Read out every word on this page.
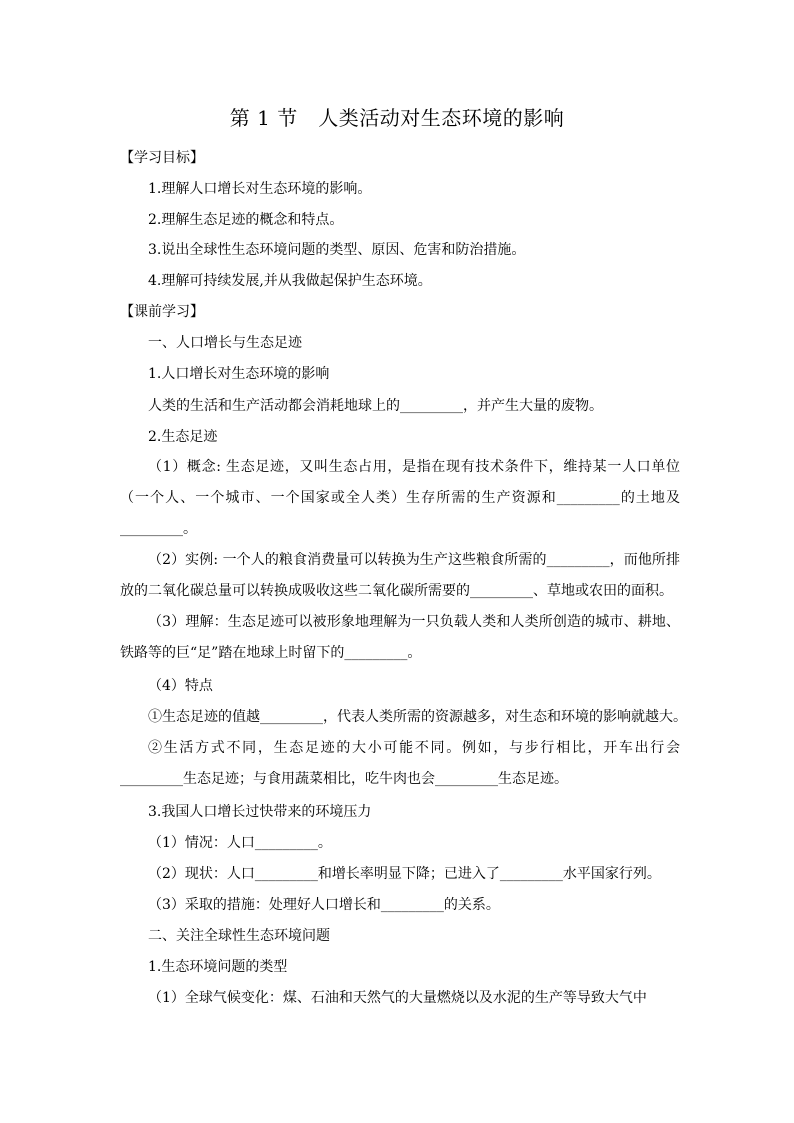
第 1 节　人类活动对生态环境的影响
【学习目标】
1.理解人口增长对生态环境的影响。
2.理解生态足迹的概念和特点。
3.说出全球性生态环境问题的类型、原因、危害和防治措施。
4.理解可持续发展,并从我做起保护生态环境。
【课前学习】
一、人口增长与生态足迹
1.人口增长对生态环境的影响
人类的生活和生产活动都会消耗地球上的_________，并产生大量的废物。
2.生态足迹
（1）概念: 生态足迹，又叫生态占用，是指在现有技术条件下，维持某一人口单位（一个人、一个城市、一个国家或全人类）生存所需的生产资源和_________的土地及_________。
（2）实例: 一个人的粮食消费量可以转换为生产这些粮食所需的_________，而他所排放的二氧化碳总量可以转换成吸收这些二氧化碳所需要的_________、草地或农田的面积。
（3）理解：生态足迹可以被形象地理解为一只负载人类和人类所创造的城市、耕地、铁路等的巨“足”踏在地球上时留下的_________。
（4）特点
①生态足迹的值越_________，代表人类所需的资源越多，对生态和环境的影响就越大。
②生活方式不同，生态足迹的大小可能不同。例如，与步行相比，开车出行会_________生态足迹；与食用蔬菜相比，吃牛肉也会_________生态足迹。
3.我国人口增长过快带来的环境压力
（1）情况：人口_________。
（2）现状：人口_________和增长率明显下降；已进入了_________水平国家行列。
（3）采取的措施：处理好人口增长和_________的关系。
二、关注全球性生态环境问题
1.生态环境问题的类型
（1）全球气候变化：煤、石油和天然气的大量燃烧以及水泥的生产等导致大气中
